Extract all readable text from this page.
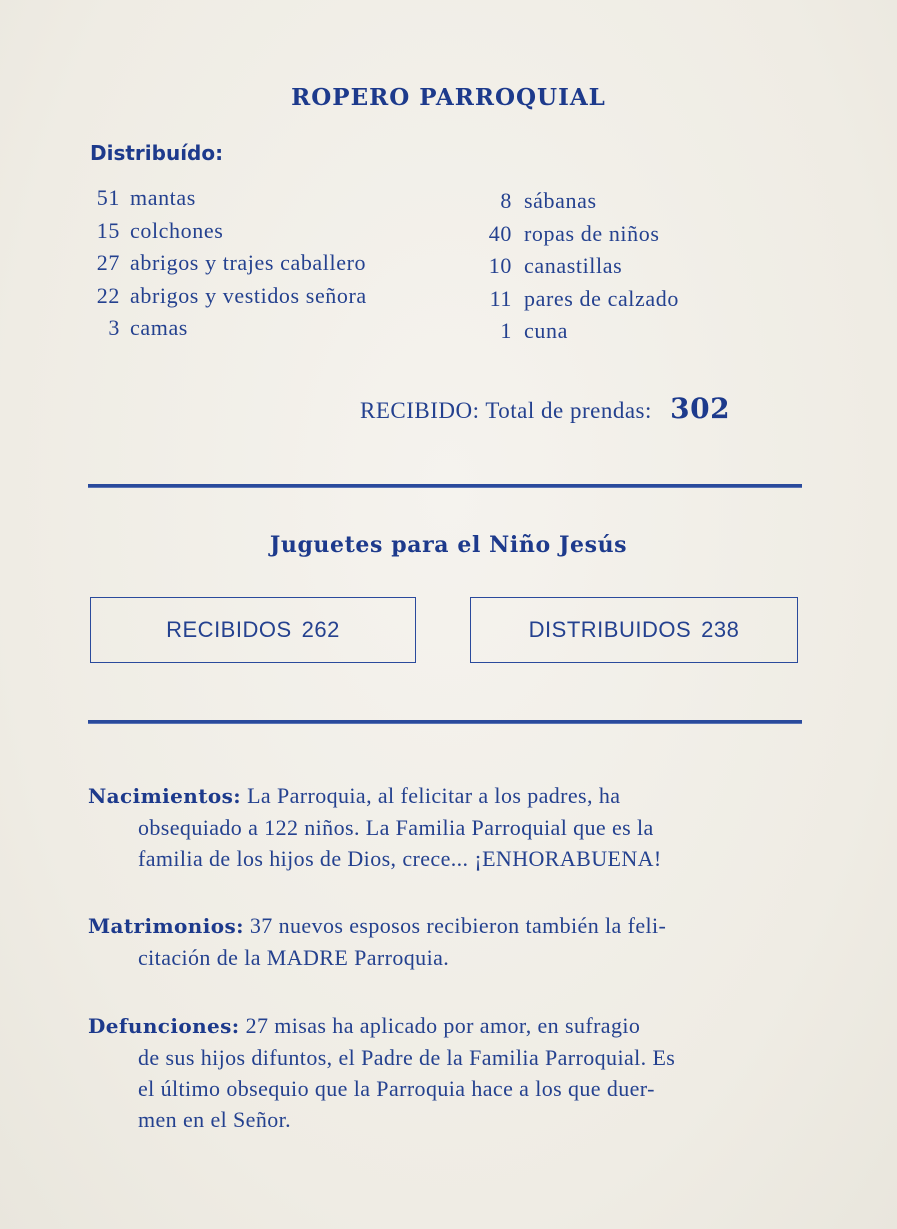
ROPERO PARROQUIAL
Distribuído:
51 mantas
15 colchones
27 abrigos y trajes caballero
22 abrigos y vestidos señora
3 camas
8 sábanas
40 ropas de niños
10 canastillas
11 pares de calzado
1 cuna
RECIBIDO: Total de prendas: 302
Juguetes para el Niño Jesús
RECIBIDOS 262	DISTRIBUIDOS 238
Nacimientos: La Parroquia, al felicitar a los padres, ha
obsequiado a 122 niños. La Familia Parroquial que es la
familia de los hijos de Dios, crece... ¡ENHORABUENA!
Matrimonios: 37 nuevos esposos recibieron también la feli-
citación de la MADRE Parroquia.
Defunciones: 27 misas ha aplicado por amor, en sufragio
de sus hijos difuntos, el Padre de la Familia Parroquial. Es
el último obsequio que la Parroquia hace a los que duer-
men en el Señor.
